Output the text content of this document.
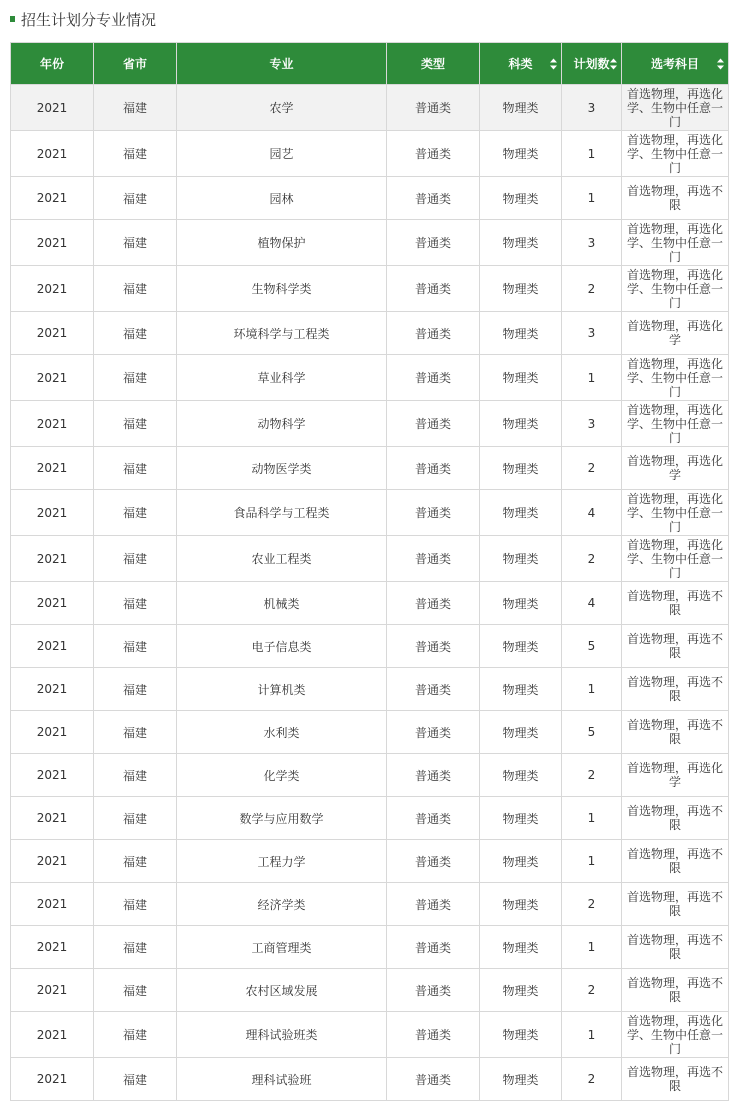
招生计划分专业情况
年份	省市	专业	类型	科类	计划数	选考科目

2021	福建	农学	普通类	物理类	3	首选物理，再选化学、生物中任意一门
2021	福建	园艺	普通类	物理类	1	首选物理，再选化学、生物中任意一门
2021	福建	园林	普通类	物理类	1	首选物理，再选不限
2021	福建	植物保护	普通类	物理类	3	首选物理，再选化学、生物中任意一门
2021	福建	生物科学类	普通类	物理类	2	首选物理，再选化学、生物中任意一门
2021	福建	环境科学与工程类	普通类	物理类	3	首选物理，再选化学
2021	福建	草业科学	普通类	物理类	1	首选物理，再选化学、生物中任意一门
2021	福建	动物科学	普通类	物理类	3	首选物理，再选化学、生物中任意一门
2021	福建	动物医学类	普通类	物理类	2	首选物理，再选化学
2021	福建	食品科学与工程类	普通类	物理类	4	首选物理，再选化学、生物中任意一门
2021	福建	农业工程类	普通类	物理类	2	首选物理，再选化学、生物中任意一门
2021	福建	机械类	普通类	物理类	4	首选物理，再选不限
2021	福建	电子信息类	普通类	物理类	5	首选物理，再选不限
2021	福建	计算机类	普通类	物理类	1	首选物理，再选不限
2021	福建	水利类	普通类	物理类	5	首选物理，再选不限
2021	福建	化学类	普通类	物理类	2	首选物理，再选化学
2021	福建	数学与应用数学	普通类	物理类	1	首选物理，再选不限
2021	福建	工程力学	普通类	物理类	1	首选物理，再选不限
2021	福建	经济学类	普通类	物理类	2	首选物理，再选不限
2021	福建	工商管理类	普通类	物理类	1	首选物理，再选不限
2021	福建	农村区域发展	普通类	物理类	2	首选物理，再选不限
2021	福建	理科试验班类	普通类	物理类	1	首选物理，再选化学、生物中任意一门
2021	福建	理科试验班	普通类	物理类	2	首选物理，再选不限
